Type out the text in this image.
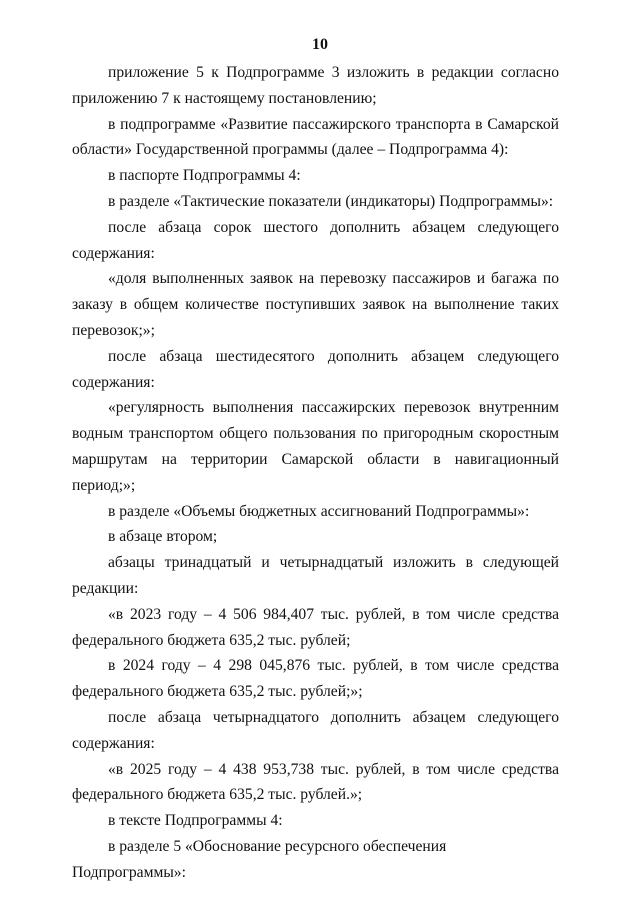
10

приложение 5 к Подпрограмме 3 изложить в редакции согласно приложению 7 к настоящему постановлению;

в подпрограмме «Развитие пассажирского транспорта в Самарской области» Государственной программы (далее – Подпрограмма 4):

в паспорте Подпрограммы 4:

в разделе «Тактические показатели (индикаторы) Подпрограммы»:

после абзаца сорок шестого дополнить абзацем следующего содержания:

«доля выполненных заявок на перевозку пассажиров и багажа по заказу в общем количестве поступивших заявок на выполнение таких перевозок;»;

после абзаца шестидесятого дополнить абзацем следующего содержания:

«регулярность выполнения пассажирских перевозок внутренним водным транспортом общего пользования по пригородным скоростным маршрутам на территории Самарской области в навигационный период;»;

в разделе «Объемы бюджетных ассигнований Подпрограммы»:

в абзаце втором;

абзацы тринадцатый и четырнадцатый изложить в следующей редакции:

«в 2023 году – 4 506 984,407 тыс. рублей, в том числе средства федерального бюджета 635,2 тыс. рублей;

в 2024 году – 4 298 045,876 тыс. рублей, в том числе средства федерального бюджета 635,2 тыс. рублей;»;

после абзаца четырнадцатого дополнить абзацем следующего содержания:

«в 2025 году – 4 438 953,738 тыс. рублей, в том числе средства федерального бюджета 635,2 тыс. рублей.»;

в тексте Подпрограммы 4:

в разделе 5 «Обоснование ресурсного обеспечения Подпрограммы»:
